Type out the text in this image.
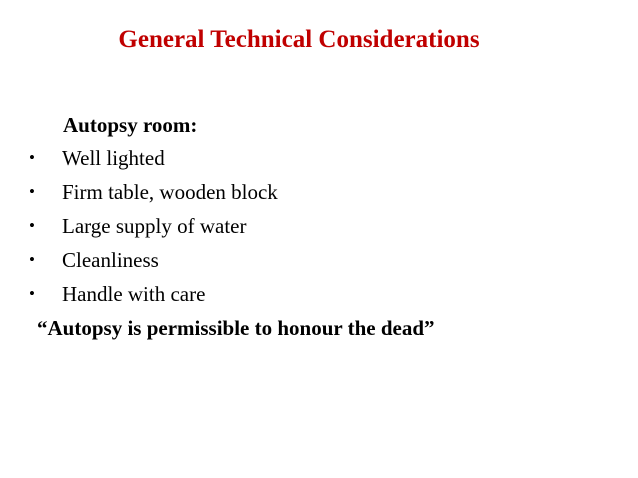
General Technical Considerations
Autopsy room:
• Well lighted
• Firm table, wooden block
• Large supply of water
• Cleanliness
• Handle with care
“Autopsy is permissible to honour the dead”
